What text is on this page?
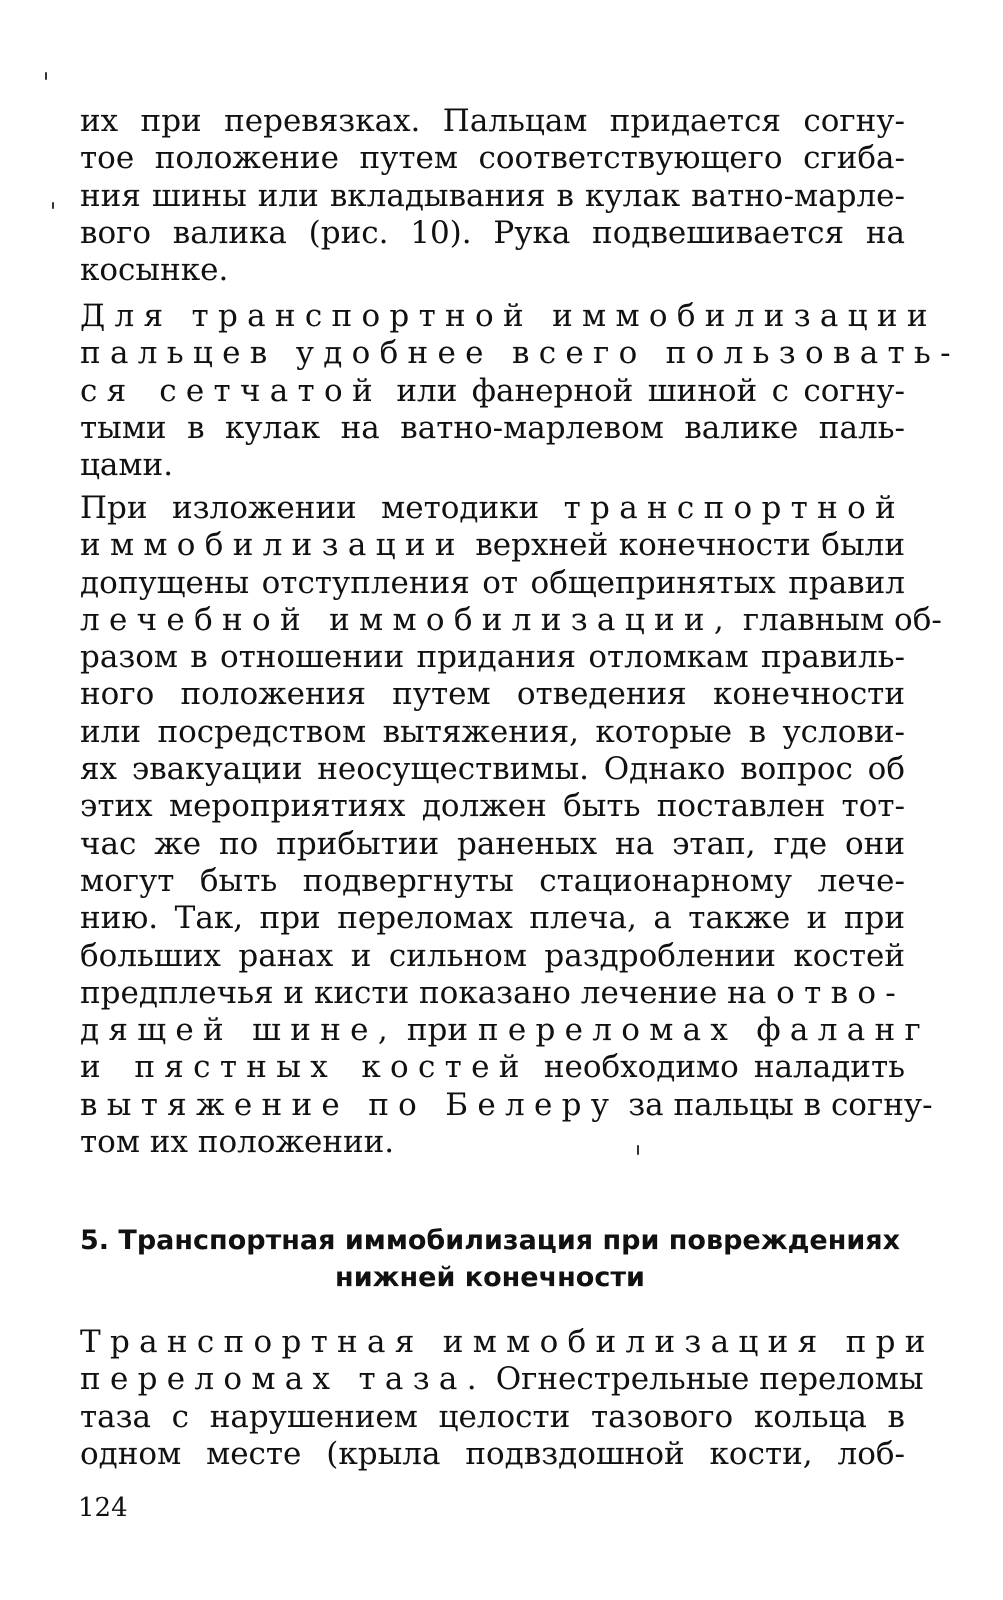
их при перевязках. Пальцам придается согну-
тое положение путем соответствующего сгиба-
ния шины или вкладывания в кулак ватно-марле-
вого валика (рис. 10). Рука подвешивается на
косынке.
Для транспортной иммобилизации
пальцев удобнее всего пользовать-
ся сетчатой или фанерной шиной с согну-
тыми в кулак на ватно-марлевом валике паль-
цами.
При изложении методики транспортной
иммобилизации верхней конечности были
допущены отступления от общепринятых правил
лечебной иммобилизации, главным об-
разом в отношении придания отломкам правиль-
ного положения путем отведения конечности
или посредством вытяжения, которые в услови-
ях эвакуации неосуществимы. Однако вопрос об
этих мероприятиях должен быть поставлен тот-
час же по прибытии раненых на этап, где они
могут быть подвергнуты стационарному лече-
нию. Так, при переломах плеча, а также и при
больших ранах и сильном раздроблении костей
предплечья и кисти показано лечение на отво-
дящей шине, при переломах фаланг
и пястных костей необходимо наладить
вытяжение по Белеру за пальцы в согну-
том их положении.
5. Транспортная иммобилизация при повреждениях
нижней конечности
Транспортная иммобилизация при
переломах таза. Огнестрельные переломы
таза с нарушением целости тазового кольца в
одном месте (крыла подвздошной кости, лоб-
124
